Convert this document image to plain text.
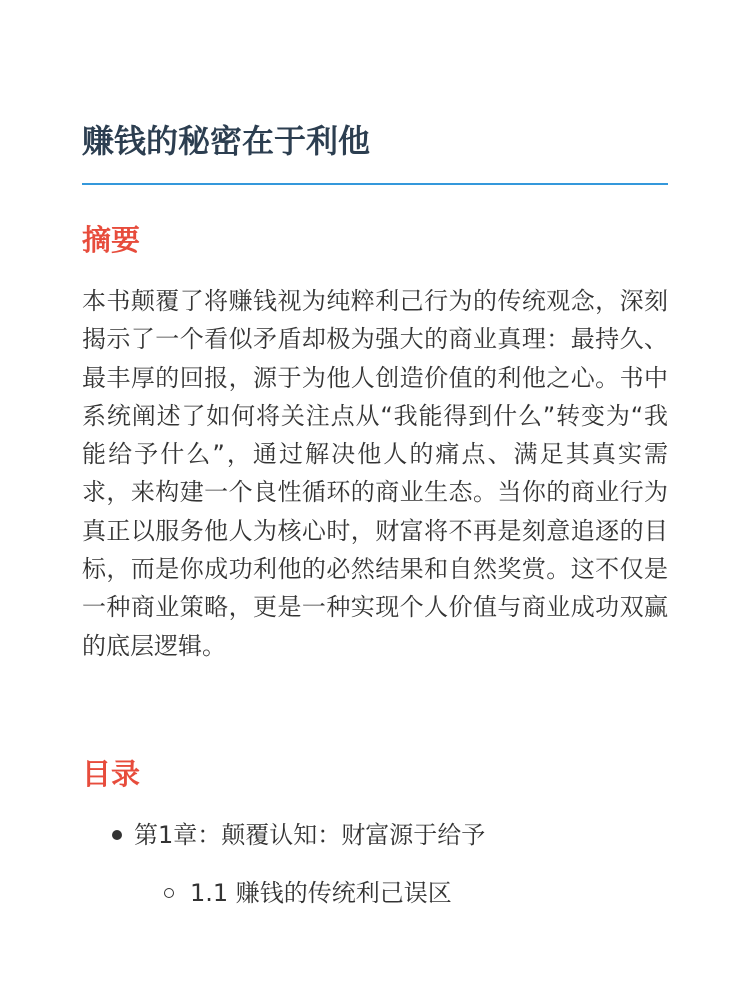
赚钱的秘密在于利他
摘要

本书颠覆了将赚钱视为纯粹利己行为的传统观念，深刻揭示了一个看似矛盾却极为强大的商业真理：最持久、最丰厚的回报，源于为他人创造价值的利他之心。书中系统阐述了如何将关注点从“我能得到什么”转变为“我能给予什么”，通过解决他人的痛点、满足其真实需求，来构建一个良性循环的商业生态。当你的商业行为真正以服务他人为核心时，财富将不再是刻意追逐的目标，而是你成功利他的必然结果和自然奖赏。这不仅是一种商业策略，更是一种实现个人价值与商业成功双赢的底层逻辑。

目录
第1章：颠覆认知：财富源于给予
1.1 赚钱的传统利己误区
